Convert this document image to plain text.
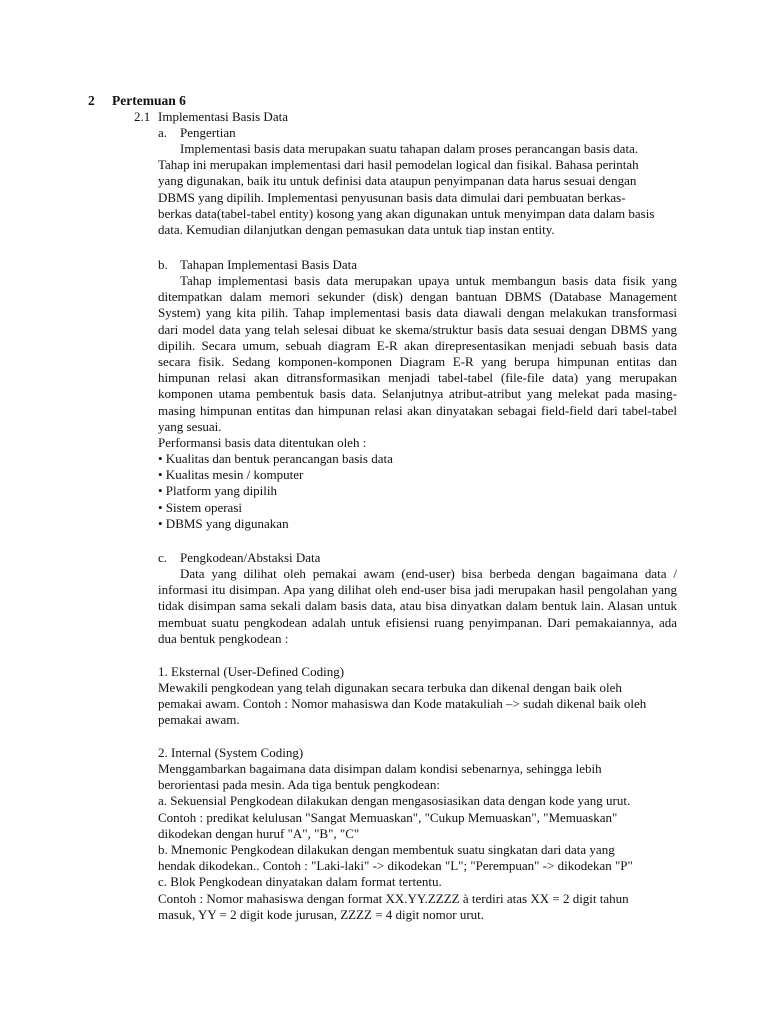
2 Pertemuan 6
2.1 Implementasi Basis Data
a. Pengertian

Implementasi basis data merupakan suatu tahapan dalam proses perancangan basis data. Tahap ini merupakan implementasi dari hasil pemodelan logical dan fisikal. Bahasa perintah yang digunakan, baik itu untuk definisi data ataupun penyimpanan data harus sesuai dengan DBMS yang dipilih. Implementasi penyusunan basis data dimulai dari pembuatan berkas-berkas data(tabel-tabel entity) kosong yang akan digunakan untuk menyimpan data dalam basis data. Kemudian dilanjutkan dengan pemasukan data untuk tiap instan entity.

b. Tahapan Implementasi Basis Data

Tahap implementasi basis data merupakan upaya untuk membangun basis data fisik yang ditempatkan dalam memori sekunder (disk) dengan bantuan DBMS (Database Management System) yang kita pilih. Tahap implementasi basis data diawali dengan melakukan transformasi dari model data yang telah selesai dibuat ke skema/struktur basis data sesuai dengan DBMS yang dipilih. Secara umum, sebuah diagram E-R akan direpresentasikan menjadi sebuah basis data secara fisik. Sedang komponen-komponen Diagram E-R yang berupa himpunan entitas dan himpunan relasi akan ditransformasikan menjadi tabel-tabel (file-file data) yang merupakan komponen utama pembentuk basis data. Selanjutnya atribut-atribut yang melekat pada masing-masing himpunan entitas dan himpunan relasi akan dinyatakan sebagai field-field dari tabel-tabel yang sesuai.

Performansi basis data ditentukan oleh :

• Kualitas dan bentuk perancangan basis data
• Kualitas mesin / komputer
• Platform yang dipilih
• Sistem operasi
• DBMS yang digunakan
c. Pengkodean/Abstaksi Data

Data yang dilihat oleh pemakai awam (end-user) bisa berbeda dengan bagaimana data / informasi itu disimpan. Apa yang dilihat oleh end-user bisa jadi merupakan hasil pengolahan yang tidak disimpan sama sekali dalam basis data, atau bisa dinyatkan dalam bentuk lain. Alasan untuk membuat suatu pengkodean adalah untuk efisiensi ruang penyimpanan. Dari pemakaiannya, ada dua bentuk pengkodean :

1. Eksternal (User-Defined Coding)

Mewakili pengkodean yang telah digunakan secara terbuka dan dikenal dengan baik oleh pemakai awam. Contoh : Nomor mahasiswa dan Kode matakuliah –> sudah dikenal baik oleh pemakai awam.

2. Internal (System Coding)

Menggambarkan bagaimana data disimpan dalam kondisi sebenarnya, sehingga lebih
berorientasi pada mesin. Ada tiga bentuk pengkodean:
a. Sekuensial Pengkodean dilakukan dengan mengasosiasikan data dengan kode yang urut.
Contoh : predikat kelulusan "Sangat Memuaskan", "Cukup Memuaskan", "Memuaskan"
dikodekan dengan huruf "A", "B", "C"
b. Mnemonic Pengkodean dilakukan dengan membentuk suatu singkatan dari data yang
hendak dikodekan.. Contoh : "Laki-laki" -> dikodekan "L"; "Perempuan" -> dikodekan "P"
c. Blok Pengkodean dinyatakan dalam format tertentu.
Contoh : Nomor mahasiswa dengan format XX.YY.ZZZZ à terdiri atas XX = 2 digit tahun
masuk, YY = 2 digit kode jurusan, ZZZZ = 4 digit nomor urut.
